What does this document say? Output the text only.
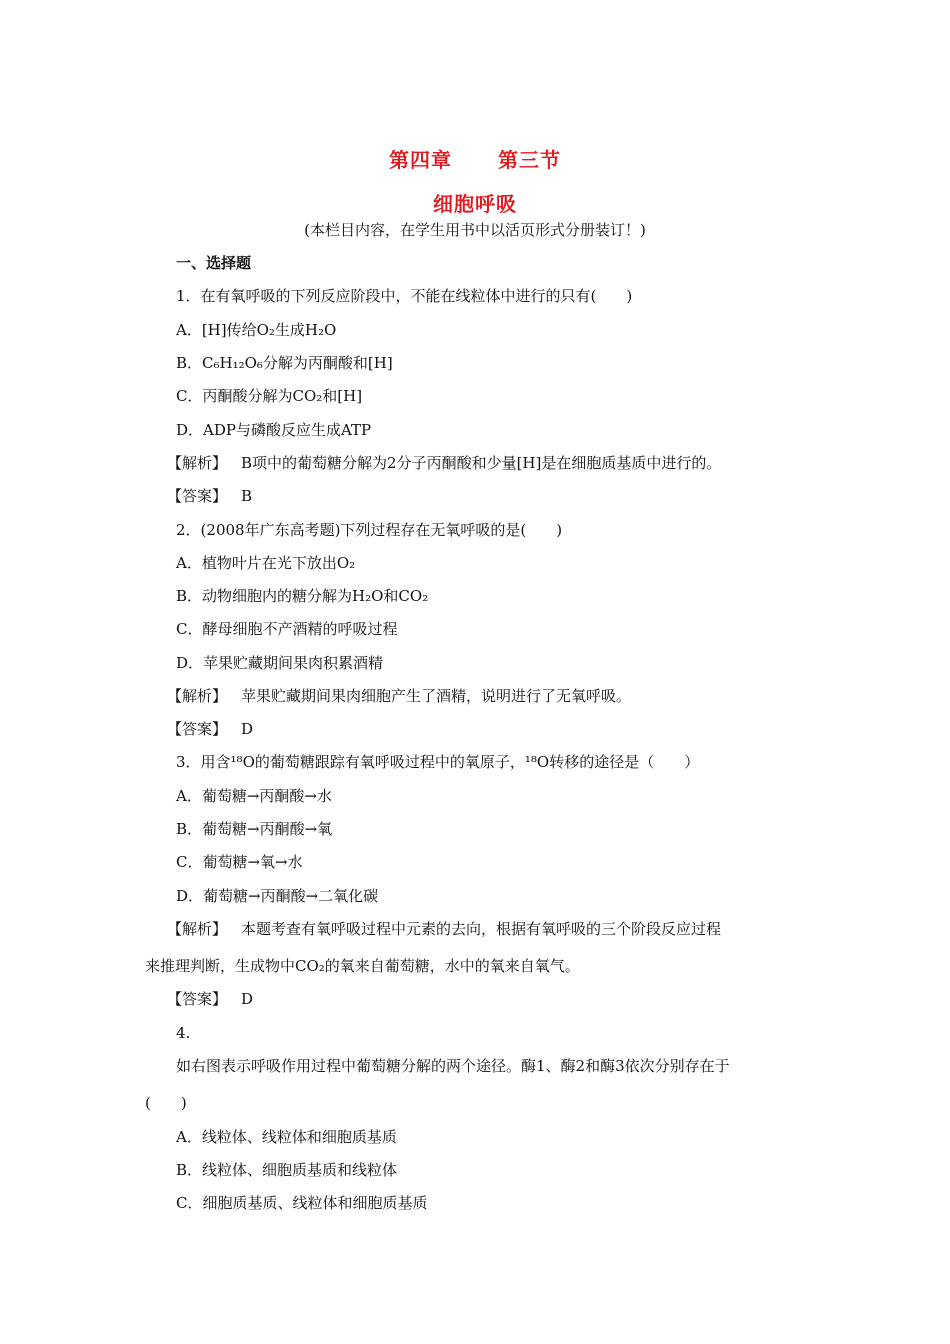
第四章 第三节
细胞呼吸
(本栏目内容，在学生用书中以活页形式分册装订！)
一、选择题
1．在有氧呼吸的下列反应阶段中，不能在线粒体中进行的只有(　　)
A．[H]传给O₂生成H₂O
B．C₆H₁₂O₆分解为丙酮酸和[H]
C．丙酮酸分解为CO₂和[H]
D．ADP与磷酸反应生成ATP
【解析】 B项中的葡萄糖分解为2分子丙酮酸和少量[H]是在细胞质基质中进行的。
【答案】 B
2．(2008年广东高考题)下列过程存在无氧呼吸的是(　　)
A．植物叶片在光下放出O₂
B．动物细胞内的糖分解为H₂O和CO₂
C．酵母细胞不产酒精的呼吸过程
D．苹果贮藏期间果肉积累酒精
【解析】 苹果贮藏期间果肉细胞产生了酒精，说明进行了无氧呼吸。
【答案】 D
3．用含¹⁸O的葡萄糖跟踪有氧呼吸过程中的氧原子，¹⁸O转移的途径是（　　）
A．葡萄糖→丙酮酸→水
B．葡萄糖→丙酮酸→氧
C．葡萄糖→氧→水
D．葡萄糖→丙酮酸→二氧化碳
【解析】 本题考查有氧呼吸过程中元素的去向，根据有氧呼吸的三个阶段反应过程
来推理判断，生成物中CO₂的氧来自葡萄糖，水中的氧来自氧气。
【答案】 D
4.
如右图表示呼吸作用过程中葡萄糖分解的两个途径。酶1、酶2和酶3依次分别存在于
(　　)
A．线粒体、线粒体和细胞质基质
B．线粒体、细胞质基质和线粒体
C．细胞质基质、线粒体和细胞质基质
